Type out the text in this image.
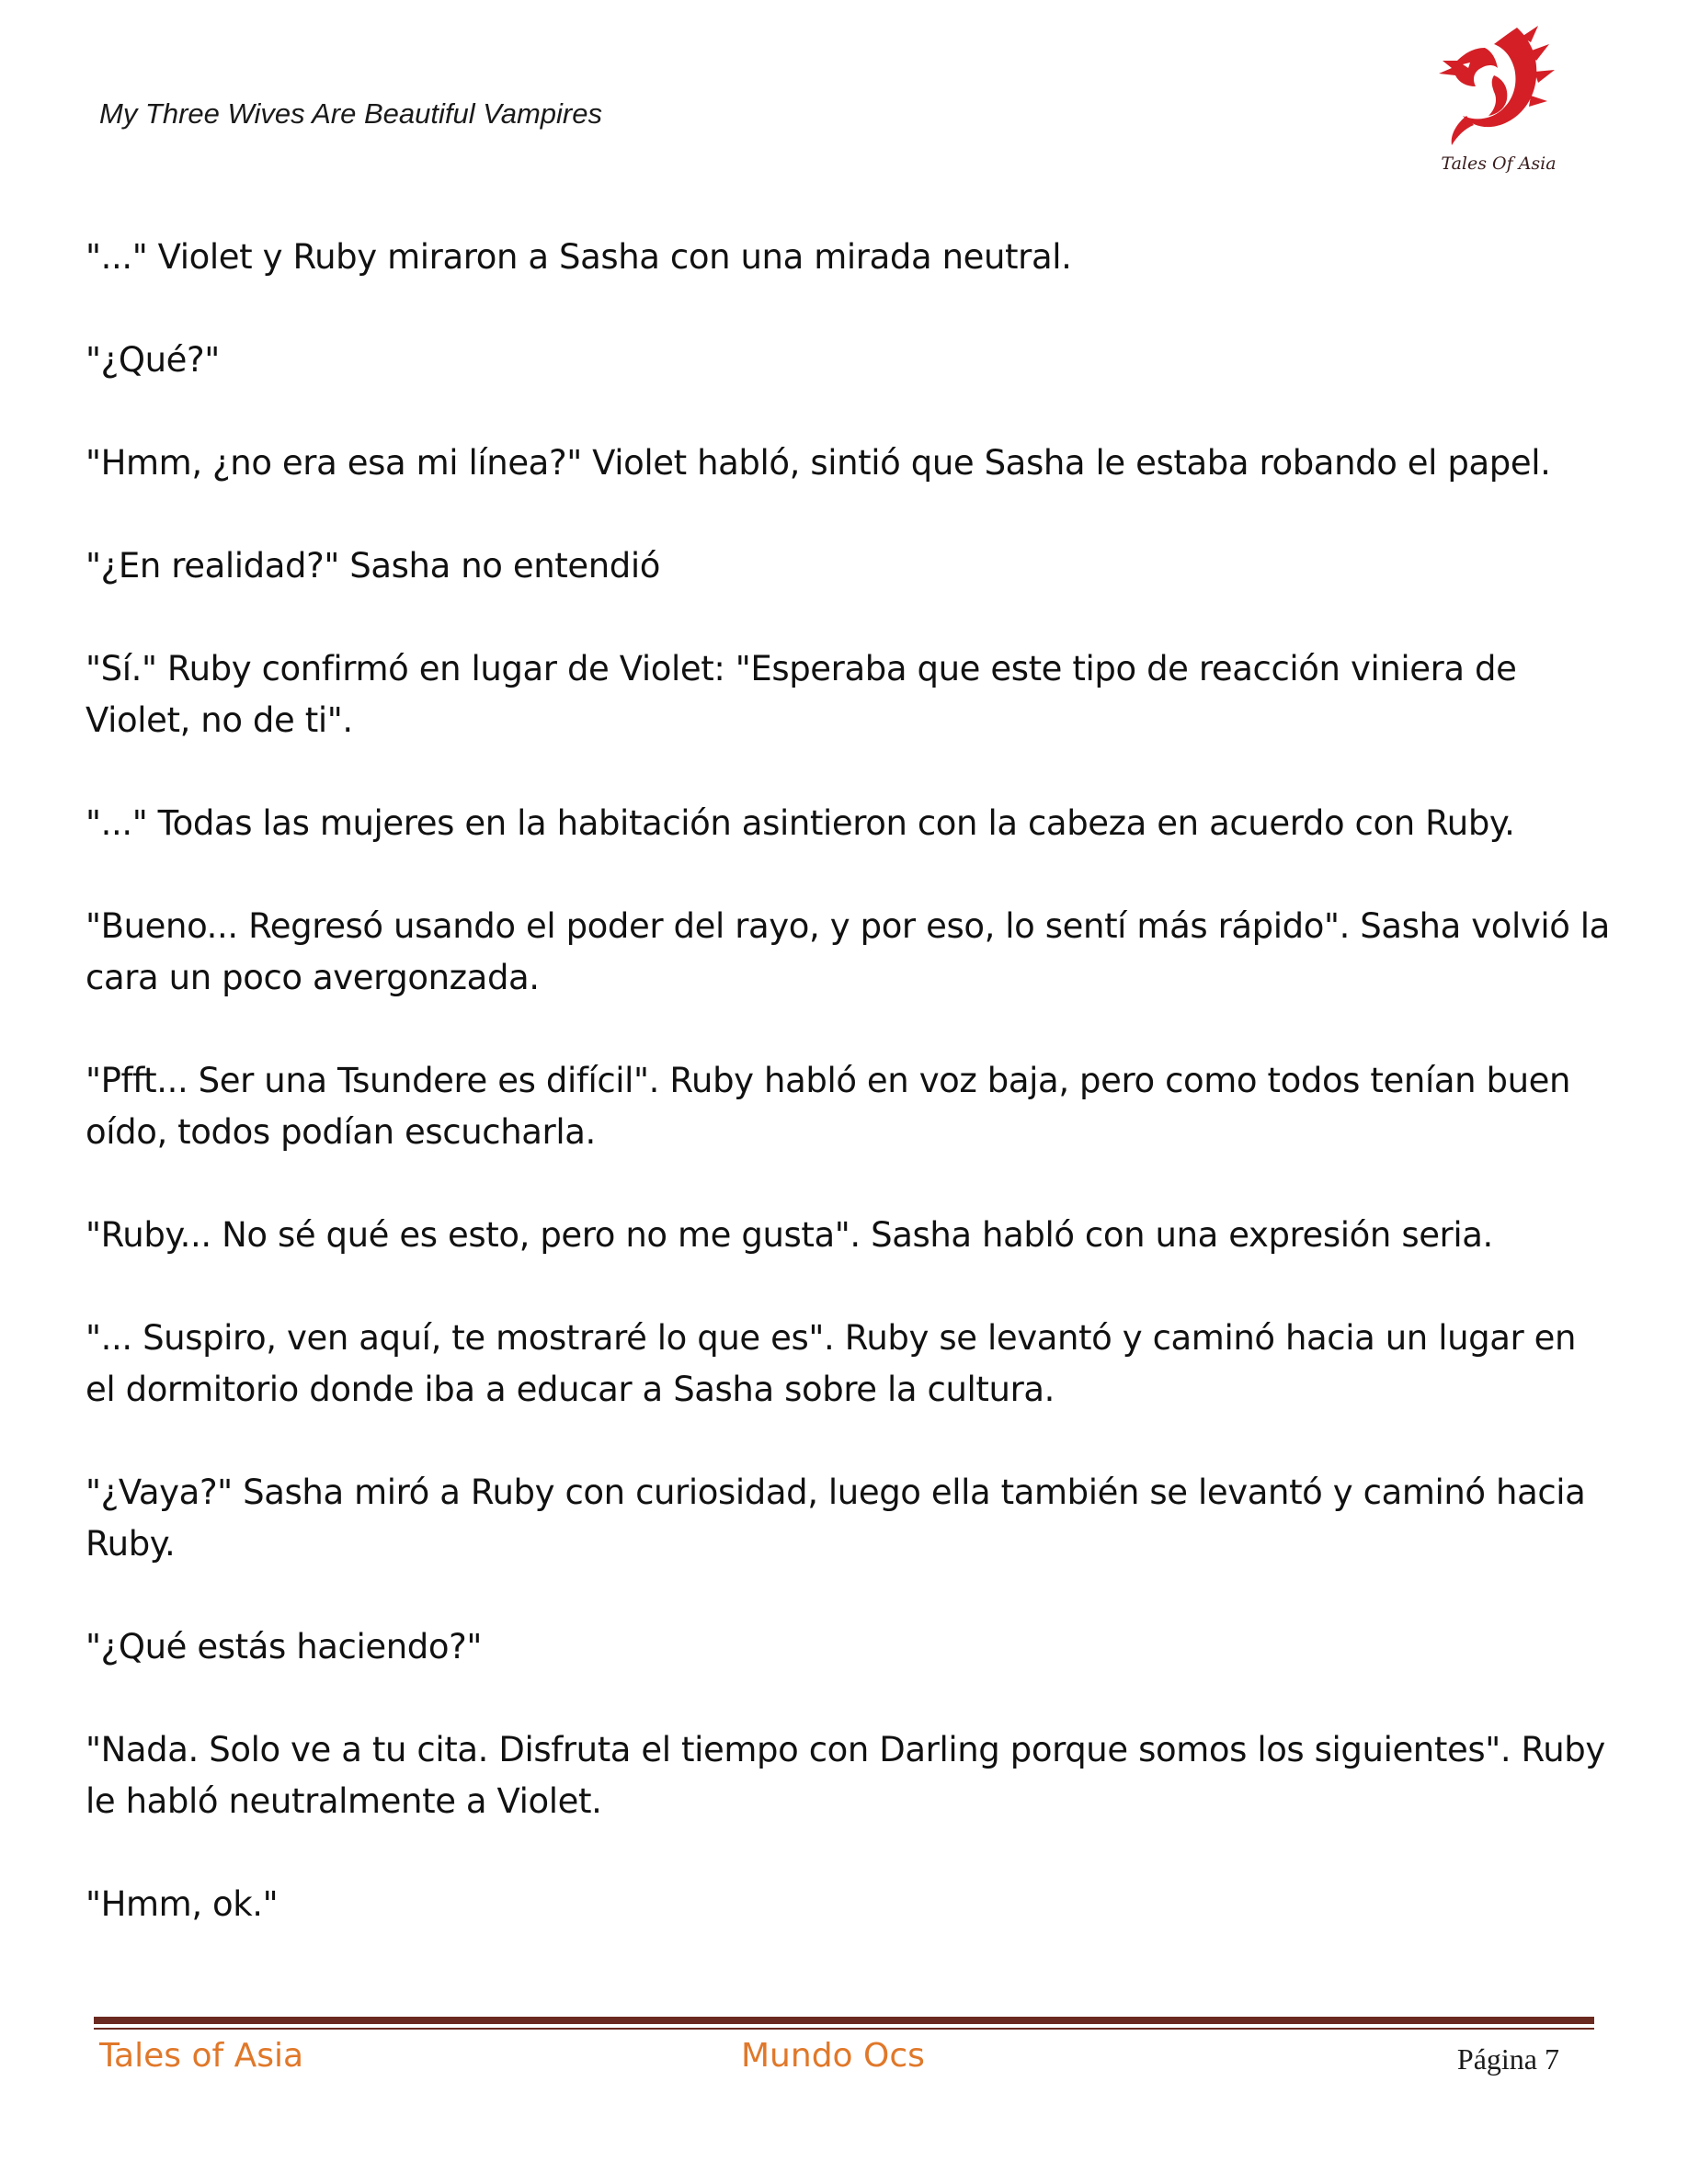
My Three Wives Are Beautiful Vampires
Tales Of Asia

"..." Violet y Ruby miraron a Sasha con una mirada neutral.

"¿Qué?"

"Hmm, ¿no era esa mi línea?" Violet habló, sintió que Sasha le estaba robando el papel.

"¿En realidad?" Sasha no entendió

"Sí." Ruby confirmó en lugar de Violet: "Esperaba que este tipo de reacción viniera de Violet, no de ti".

"..." Todas las mujeres en la habitación asintieron con la cabeza en acuerdo con Ruby.

"Bueno... Regresó usando el poder del rayo, y por eso, lo sentí más rápido". Sasha volvió la cara un poco avergonzada.

"Pfft... Ser una Tsundere es difícil". Ruby habló en voz baja, pero como todos tenían buen oído, todos podían escucharla.

"Ruby... No sé qué es esto, pero no me gusta". Sasha habló con una expresión seria.

"... Suspiro, ven aquí, te mostraré lo que es". Ruby se levantó y caminó hacia un lugar en el dormitorio donde iba a educar a Sasha sobre la cultura.

"¿Vaya?" Sasha miró a Ruby con curiosidad, luego ella también se levantó y caminó hacia Ruby.

"¿Qué estás haciendo?"

"Nada. Solo ve a tu cita. Disfruta el tiempo con Darling porque somos los siguientes". Ruby le habló neutralmente a Violet.

"Hmm, ok."

Tales of Asia	Mundo Ocs	Página 7
